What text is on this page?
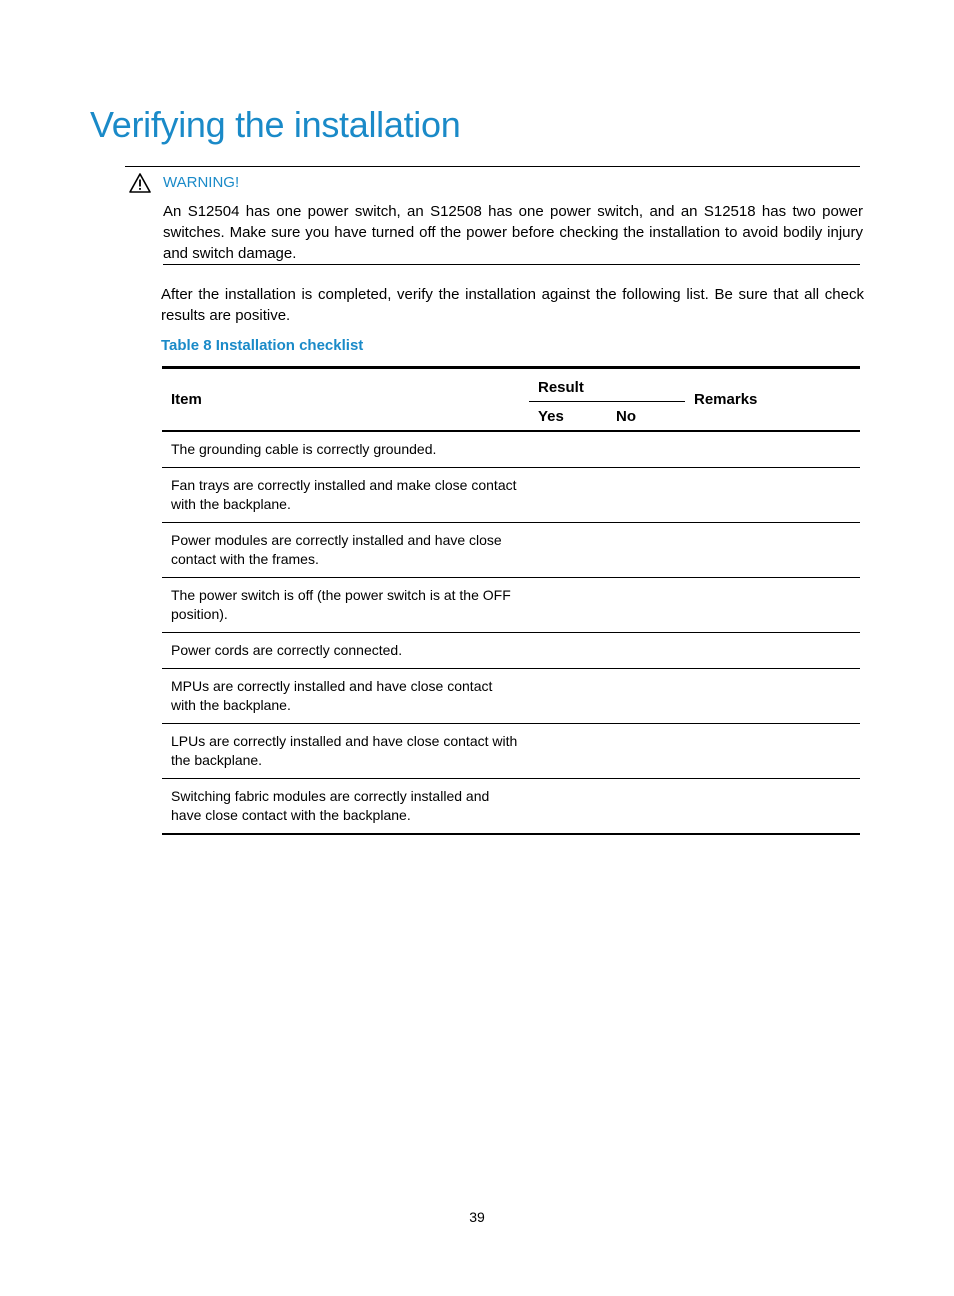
Verifying the installation
WARNING!

An S12504 has one power switch, an S12508 has one power switch, and an S12518 has two power switches. Make sure you have turned off the power before checking the installation to avoid bodily injury and switch damage.

After the installation is completed, verify the installation against the following list. Be sure that all check results are positive.

Table 8 Installation checklist
Item	Result		Remarks
	Yes	No	
The grounding cable is correctly grounded.			
Fan trays are correctly installed and make close contact with the backplane.			
Power modules are correctly installed and have close contact with the frames.			
The power switch is off (the power switch is at the OFF position).			
Power cords are correctly connected.			
MPUs are correctly installed and have close contact with the backplane.			
LPUs are correctly installed and have close contact with the backplane.			
Switching fabric modules are correctly installed and have close contact with the backplane.			
39
